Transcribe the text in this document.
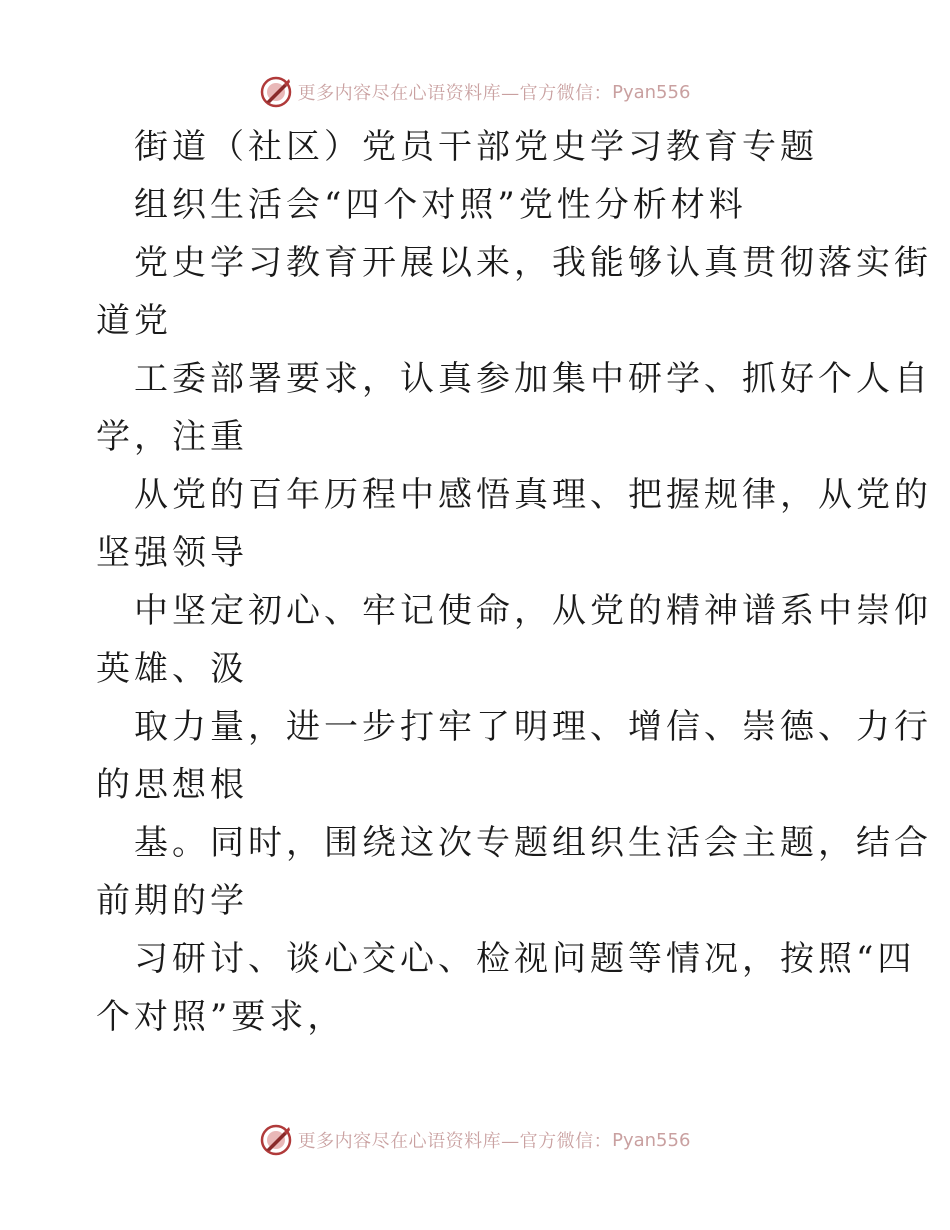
更多内容尽在心语资料库—官方微信： Pyan556
街道（社区）党员干部党史学习教育专题
组织生活会“四个对照”党性分析材料
党史学习教育开展以来，我能够认真贯彻落实街
道党
工委部署要求，认真参加集中研学、抓好个人自
学，注重
从党的百年历程中感悟真理、把握规律，从党的
坚强领导
中坚定初心、牢记使命，从党的精神谱系中崇仰
英雄、汲
取力量，进一步打牢了明理、增信、崇德、力行
的思想根
基。同时，围绕这次专题组织生活会主题，结合
前期的学
习研讨、谈心交心、检视问题等情况，按照“四
个对照”要求，
更多内容尽在心语资料库—官方微信： Pyan556
